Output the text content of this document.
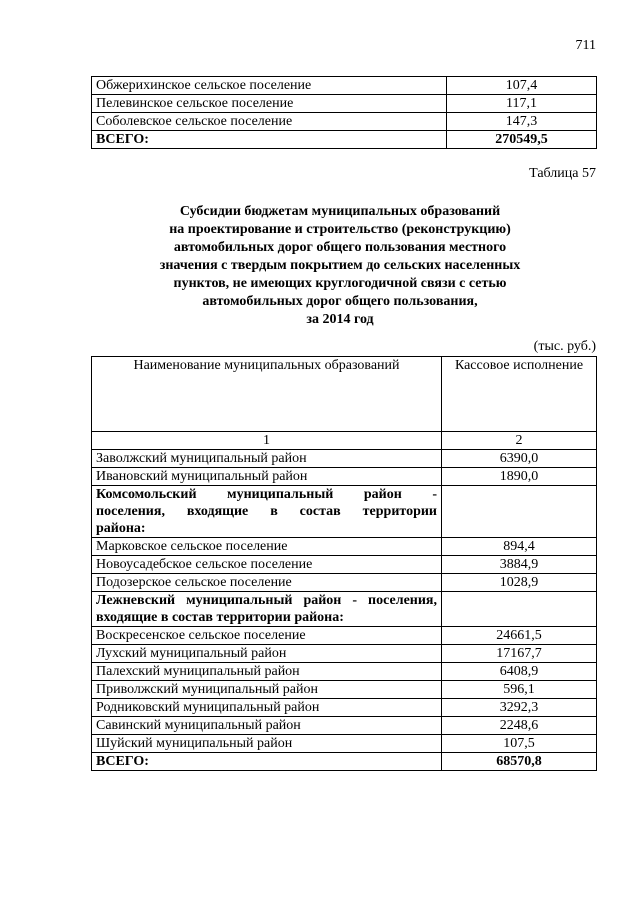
711
Обжерихинское сельское поселение	107,4
Пелевинское сельское поселение	117,1
Соболевское сельское поселение	147,3
ВСЕГО:	270549,5
Таблица 57
Субсидии бюджетам муниципальных образований
на проектирование и строительство (реконструкцию)
автомобильных дорог общего пользования местного
значения с твердым покрытием до сельских населенных
пунктов, не имеющих круглогодичной связи с сетью
автомобильных дорог общего пользования,
за 2014 год
(тыс. руб.)
Наименование муниципальных образований	Кассовое исполнение
1	2
Заволжский муниципальный район	6390,0
Ивановский муниципальный район	1890,0

Комсомольский муниципальный район -
поселения, входящие в состав территории
района:	

Марковское сельское поселение	894,4
Новоусадебское сельское поселение	3884,9
Подозерское сельское поселение	1028,9

Лежневский муниципальный район - поселения,
входящие в состав территории района:	

Воскресенское сельское поселение	24661,5
Лухский муниципальный район	17167,7
Палехский муниципальный район	6408,9
Приволжский муниципальный район	596,1
Родниковский муниципальный район	3292,3
Савинский муниципальный район	2248,6
Шуйский муниципальный район	107,5
ВСЕГО:	68570,8
